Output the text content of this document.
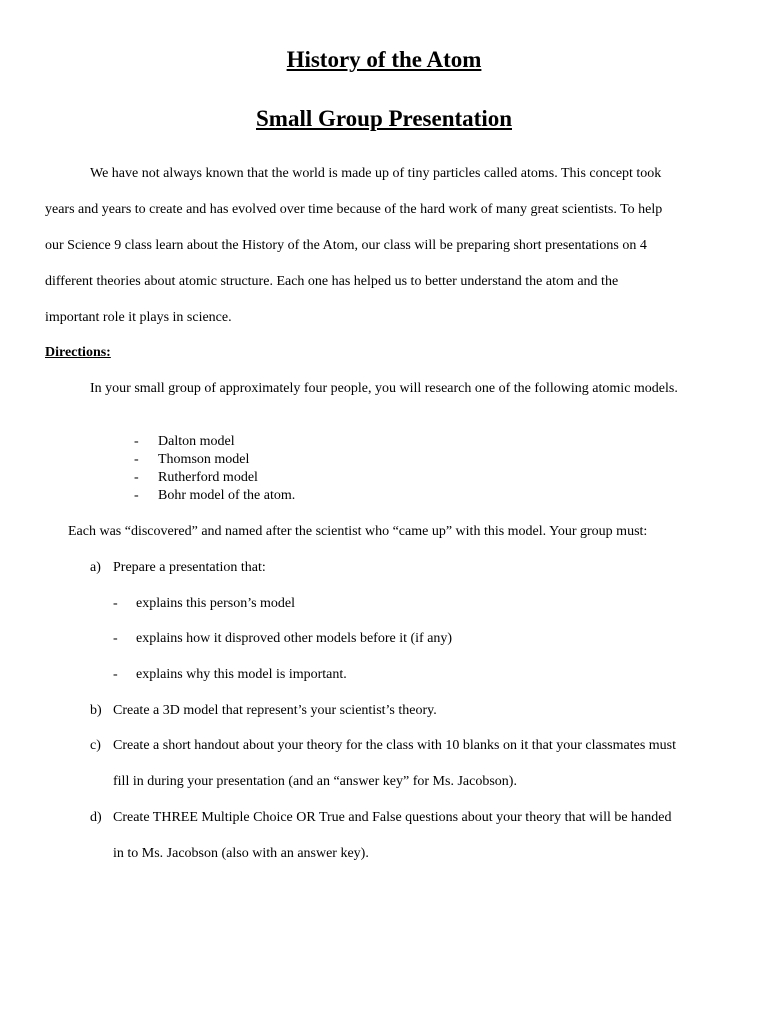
History of the Atom
Small Group Presentation
We have not always known that the world is made up of tiny particles called atoms. This concept took
years and years to create and has evolved over time because of the hard work of many great scientists. To help
our Science 9 class learn about the History of the Atom, our class will be preparing short presentations on 4
different theories about atomic structure. Each one has helped us to better understand the atom and the
important role it plays in science.
Directions:
In your small group of approximately four people, you will research one of the following atomic models.
- Dalton model
- Thomson model
- Rutherford model
- Bohr model of the atom.
Each was “discovered” and named after the scientist who “came up” with this model. Your group must:
a) Prepare a presentation that:
- explains this person’s model
- explains how it disproved other models before it (if any)
- explains why this model is important.
b) Create a 3D model that represent’s your scientist’s theory.
c) Create a short handout about your theory for the class with 10 blanks on it that your classmates must
fill in during your presentation (and an “answer key” for Ms. Jacobson).
d) Create THREE Multiple Choice OR True and False questions about your theory that will be handed
in to Ms. Jacobson (also with an answer key).
